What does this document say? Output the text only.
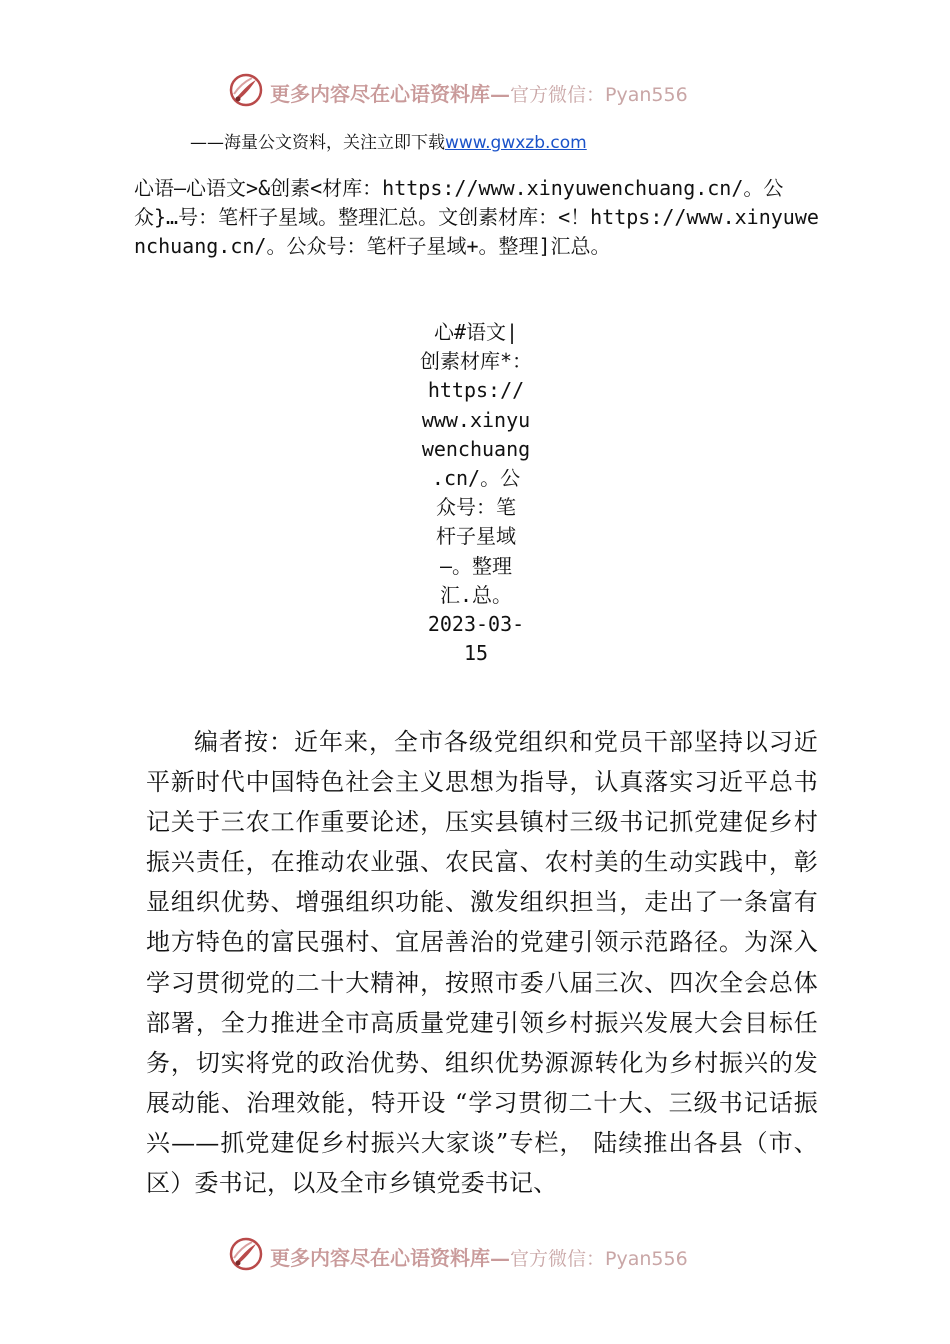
更多内容尽在心语资料库—官方微信：Pyan556
——海量公文资料，关注立即下载www.gwxzb.com

心语—心语文>&创素<材库：https://www.xinyuwenchuang.cn/。公众}…号：笔杆子星域。整理汇总。文创素材库：<！https://www.xinyuwenchuang.cn/。公众号：笔杆子星域+。整理]汇总。

心#语文|
创素材库*：
https://
www.xinyu
wenchuang
.cn/。公
众号：笔
杆子星域
—。整理
汇.总。
2023-03-
15

编者按：近年来，全市各级党组织和党员干部坚持以习近平新时代中国特色社会主义思想为指导，认真落实习近平总书记关于三农工作重要论述，压实县镇村三级书记抓党建促乡村振兴责任，在推动农业强、农民富、农村美的生动实践中，彰显组织优势、增强组织功能、激发组织担当，走出了一条富有地方特色的富民强村、宜居善治的党建引领示范路径。为深入学习贯彻党的二十大精神，按照市委八届三次、四次全会总体部署，全力推进全市高质量党建引领乡村振兴发展大会目标任务，切实将党的政治优势、组织优势源源转化为乡村振兴的发展动能、治理效能，特开设 “学习贯彻二十大、三级书记话振兴——抓党建促乡村振兴大家谈”专栏， 陆续推出各县（市、区）委书记，以及全市乡镇党委书记、

更多内容尽在心语资料库—官方微信：Pyan556
